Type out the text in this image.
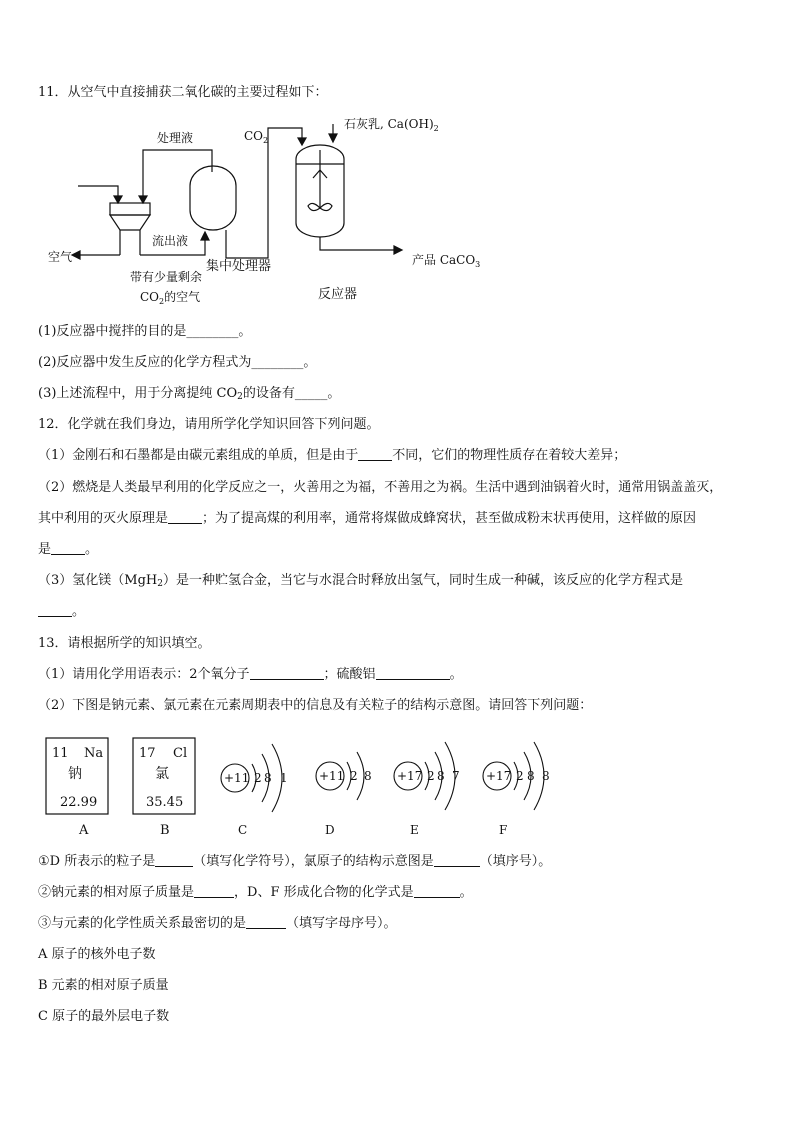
11．从空气中直接捕获二氧化碳的主要过程如下：
处理液	$CO_2$
石灰乳, $Ca(OH)_2$
流出液
空气
带有少量剩余
$CO_2$的空气
集中处理器
反应器
产品 CaCO$_3$
(1)反应器中搅拌的目的是________。
(2)反应器中发生反应的化学方程式为________。
(3)上述流程中，用于分离提纯 $CO_2$的设备有_____。
12．化学就在我们身边，请用所学化学知识回答下列问题。
（1）金刚石和石墨都是由碳元素组成的单质，但是由于	不同，它们的物理性质存在着较大差异；
（2）燃烧是人类最早利用的化学反应之一，火善用之为福，不善用之为祸。生活中遇到油锅着火时，通常用锅盖盖灭，
其中利用的灭火原理是	；为了提高煤的利用率，通常将煤做成蜂窝状，甚至做成粉末状再使用，这样做的原因
是	。
（3）氢化镁（MgH$_2$）是一种贮氢合金，当它与水混合时释放出氢气，同时生成一种碱，该反应的化学方程式是
。
13．请根据所学的知识填空。
（1）请用化学用语表示：2个氧分子	；硫酸铝	。
（2）下图是钠元素、氯元素在元素周期表中的信息及有关粒子的结构示意图。请回答下列问题：
11 Na
钠
22.99
17 Cl
氯
35.45
A	B
+11 2 8 1
C
+11 2 8
D
+17 2 8 7
E
+17 2 8 8
F
①D 所表示的粒子是	（填写化学符号），氯原子的结构示意图是	（填序号）。
②钠元素的相对原子质量是	，D、F 形成化合物的化学式是	。
③与元素的化学性质关系最密切的是	（填写字母序号）。
A 原子的核外电子数
B 元素的相对原子质量
C 原子的最外层电子数
